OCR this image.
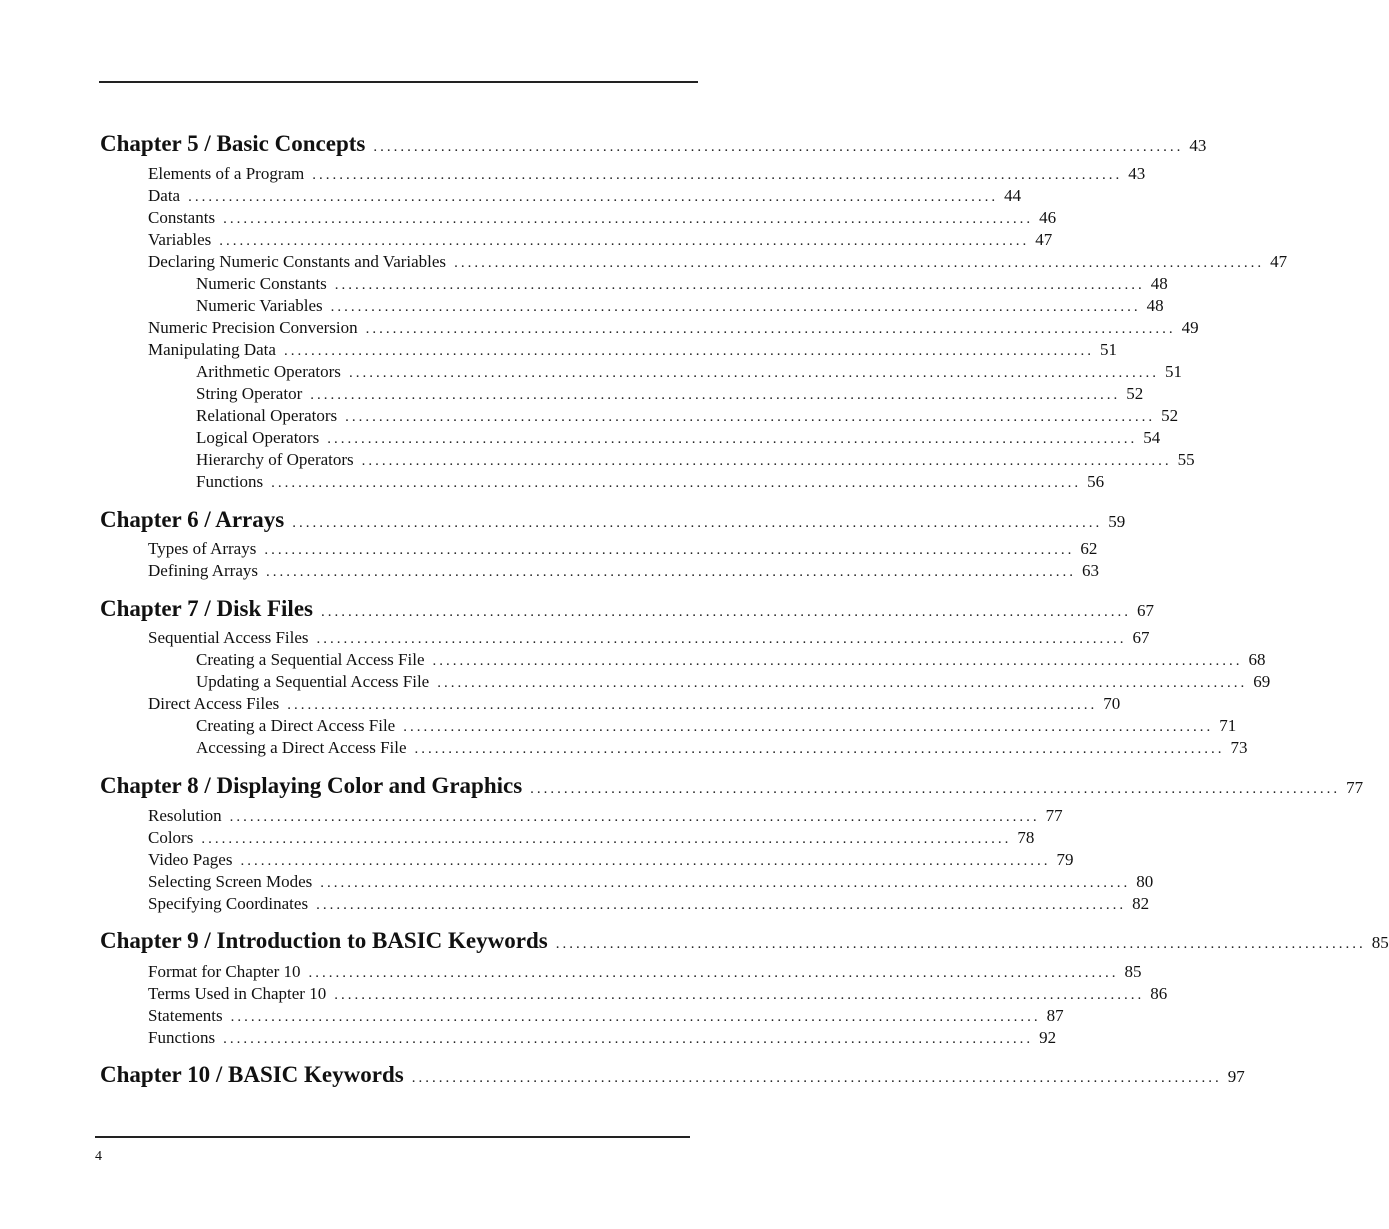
Chapter 5 / Basic Concepts ........................................................................................................................ 43
Elements of a Program ........................................................................................................................ 43
Data ........................................................................................................................ 44
Constants ........................................................................................................................ 46
Variables ........................................................................................................................ 47
Declaring Numeric Constants and Variables ........................................................................................................................ 47
Numeric Constants ........................................................................................................................ 48
Numeric Variables ........................................................................................................................ 48
Numeric Precision Conversion ........................................................................................................................ 49
Manipulating Data ........................................................................................................................ 51
Arithmetic Operators ........................................................................................................................ 51
String Operator ........................................................................................................................ 52
Relational Operators ........................................................................................................................ 52
Logical Operators ........................................................................................................................ 54
Hierarchy of Operators ........................................................................................................................ 55
Functions ........................................................................................................................ 56
Chapter 6 / Arrays ........................................................................................................................ 59
Types of Arrays ........................................................................................................................ 62
Defining Arrays ........................................................................................................................ 63
Chapter 7 / Disk Files ........................................................................................................................ 67
Sequential Access Files ........................................................................................................................ 67
Creating a Sequential Access File ........................................................................................................................ 68
Updating a Sequential Access File ........................................................................................................................ 69
Direct Access Files ........................................................................................................................ 70
Creating a Direct Access File ........................................................................................................................ 71
Accessing a Direct Access File ........................................................................................................................ 73
Chapter 8 / Displaying Color and Graphics ........................................................................................................................ 77
Resolution ........................................................................................................................ 77
Colors ........................................................................................................................ 78
Video Pages ........................................................................................................................ 79
Selecting Screen Modes ........................................................................................................................ 80
Specifying Coordinates ........................................................................................................................ 82
Chapter 9 / Introduction to BASIC Keywords ........................................................................................................................ 85
Format for Chapter 10 ........................................................................................................................ 85
Terms Used in Chapter 10 ........................................................................................................................ 86
Statements ........................................................................................................................ 87
Functions ........................................................................................................................ 92
Chapter 10 / BASIC Keywords ........................................................................................................................ 97
4
